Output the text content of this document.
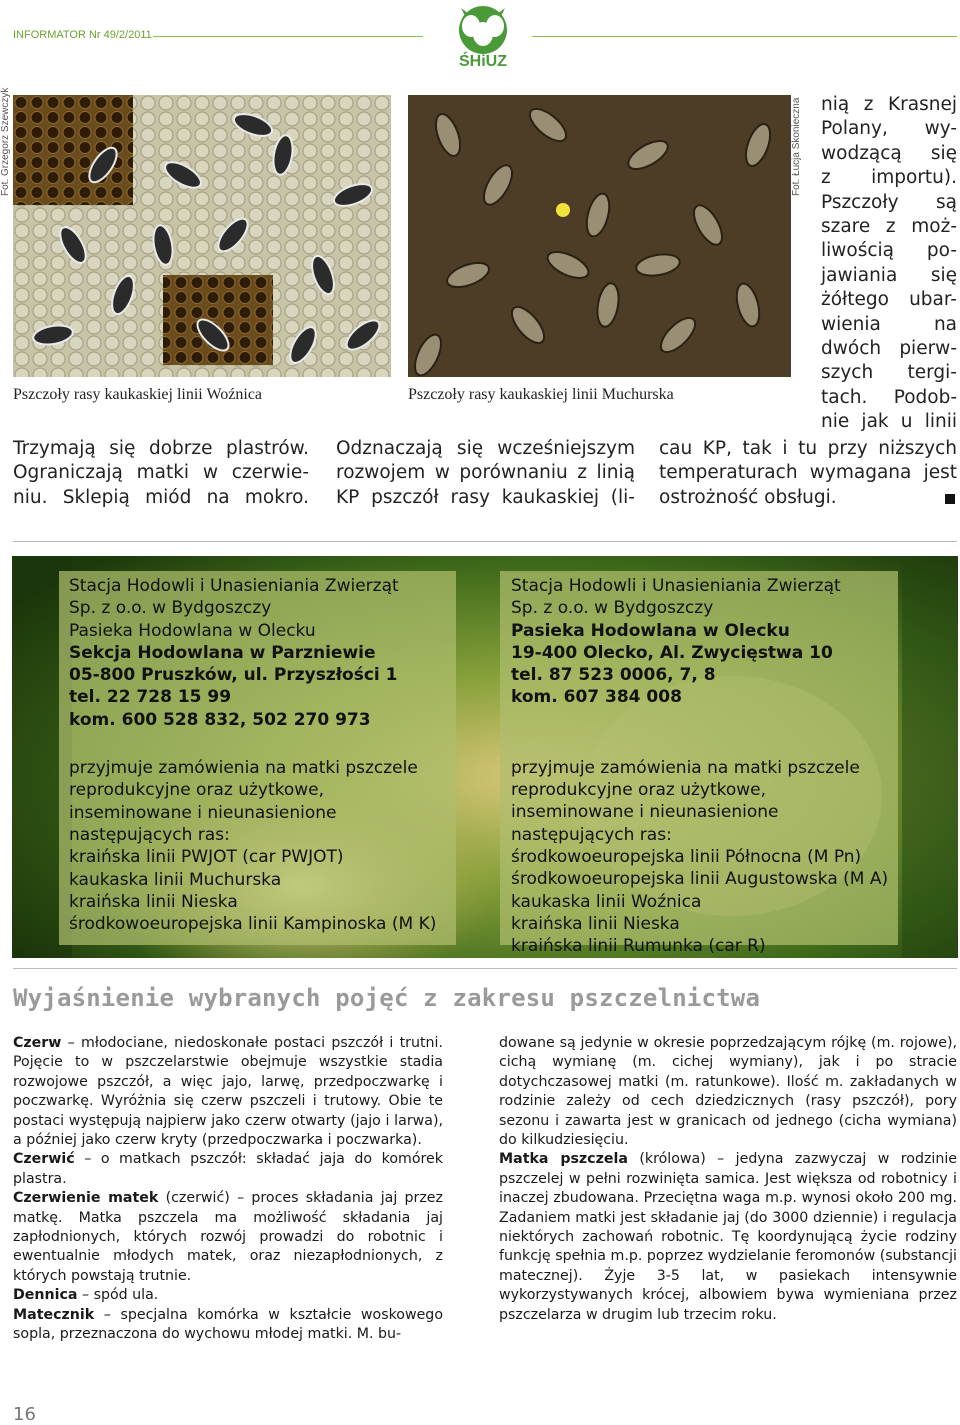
INFORMATOR Nr 49/2/2011
ŚHiUZ
Fot. Grzegorz Szewczyk	Fot. Łucja Skonieczna
Pszczoły rasy kaukaskiej linii Woźnica	Pszczoły rasy kaukaskiej linii Muchurska
Trzymają się dobrze plastrów.
Ograniczają matki w czerwie-
niu. Sklepią miód na mokro.
Odznaczają się wcześniejszym
rozwojem w porównaniu z linią
KP pszczół rasy kaukaskiej (li-
nią z Krasnej
Polany, wy-
wodzącą się
z importu).
Pszczoły są
szare z moż-
liwością po-
jawiania się
żółtego ubar-
wienia na
dwóch pierw-
szych tergi-
tach. Podob-
nie jak u linii
cau KP, tak i tu przy niższych
temperaturach wymagana jest
ostrożność obsługi.
Stacja Hodowli i Unasieniania Zwierząt
Sp. z o.o. w Bydgoszczy
Pasieka Hodowlana w Olecku
Sekcja Hodowlana w Parzniewie
05-800 Pruszków, ul. Przyszłości 1
tel. 22 728 15 99
kom. 600 528 832, 502 270 973
przyjmuje zamówienia na matki pszczele
reprodukcyjne oraz użytkowe,
inseminowane i nieunasienione
następujących ras:
kraińska linii PWJOT (car PWJOT)
kaukaska linii Muchurska
kraińska linii Nieska
środkowoeuropejska linii Kampinoska (M K)
Stacja Hodowli i Unasieniania Zwierząt
Sp. z o.o. w Bydgoszczy
Pasieka Hodowlana w Olecku
19-400 Olecko, Al. Zwycięstwa 10
tel. 87 523 0006, 7, 8
kom. 607 384 008
przyjmuje zamówienia na matki pszczele
reprodukcyjne oraz użytkowe,
inseminowane i nieunasienione
następujących ras:
środkowoeuropejska linii Północna (M Pn)
środkowoeuropejska linii Augustowska (M A)
kaukaska linii Woźnica
kraińska linii Nieska
kraińska linii Rumunka (car R)
Wyjaśnienie wybranych pojęć z zakresu pszczelnictwa

Czerw – młodociane, niedoskonałe postaci pszczół i trutni. Pojęcie to w pszczelarstwie obejmuje wszystkie stadia rozwojowe pszczół, a więc jajo, larwę, przedpoczwarkę i poczwarkę. Wyróżnia się czerw pszczeli i trutowy. Obie te postaci występują najpierw jako czerw otwarty (jajo i larwa), a później jako czerw kryty (przedpoczwarka i poczwarka).

Czerwić – o matkach pszczół: składać jaja do komórek plastra.

Czerwienie matek (czerwić) – proces składania jaj przez matkę. Matka pszczela ma możliwość składania jaj zapłodnionych, których rozwój prowadzi do robotnic i ewentualnie młodych matek, oraz niezapłodnionych, z których powstają trutnie.

Dennica – spód ula.

Matecznik – specjalna komórka w kształcie woskowego sopla, przeznaczona do wychowu młodej matki. M. bu-

dowane są jedynie w okresie poprzedzającym rójkę (m. rojowe), cichą wymianę (m. cichej wymiany), jak i po stracie dotychczasowej matki (m. ratunkowe). Ilość m. zakładanych w rodzinie zależy od cech dziedzicznych (rasy pszczół), pory sezonu i zawarta jest w granicach od jednego (cicha wymiana) do kilkudziesięciu.

Matka pszczela (królowa) – jedyna zazwyczaj w rodzinie pszczelej w pełni rozwinięta samica. Jest większa od robotnicy i inaczej zbudowana. Przeciętna waga m.p. wynosi około 200 mg. Zadaniem matki jest składanie jaj (do 3000 dziennie) i regulacja niektórych zachowań robotnic. Tę koordynującą życie rodziny funkcję spełnia m.p. poprzez wydzielanie feromonów (substancji matecznej). Żyje 3-5 lat, w pasiekach intensywnie wykorzystywanych krócej, albowiem bywa wymieniana przez pszczelarza w drugim lub trzecim roku.

16
